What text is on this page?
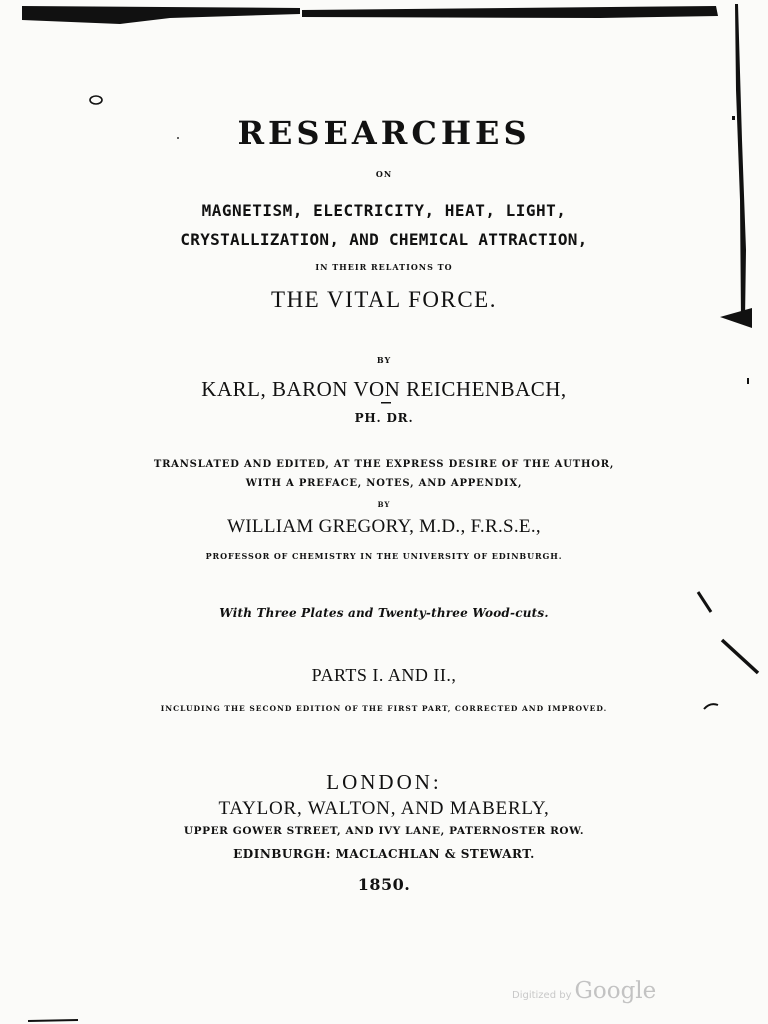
RESEARCHES
ON
MAGNETISM, ELECTRICITY, HEAT, LIGHT,
CRYSTALLIZATION, AND CHEMICAL ATTRACTION,
IN THEIR RELATIONS TO
THE VITAL FORCE.
BY
KARL, BARON VON REICHENBACH,
PH. DR.
TRANSLATED AND EDITED, AT THE EXPRESS DESIRE OF THE AUTHOR,
WITH A PREFACE, NOTES, AND APPENDIX,
BY
WILLIAM GREGORY, M.D., F.R.S.E.,
PROFESSOR OF CHEMISTRY IN THE UNIVERSITY OF EDINBURGH.
With Three Plates and Twenty-three Wood-cuts.
PARTS I. AND II.,
INCLUDING THE SECOND EDITION OF THE FIRST PART, CORRECTED AND IMPROVED.
LONDON:
TAYLOR, WALTON, AND MABERLY,
UPPER GOWER STREET, AND IVY LANE, PATERNOSTER ROW.
EDINBURGH: MACLACHLAN & STEWART.
1850.
Digitized by Google
